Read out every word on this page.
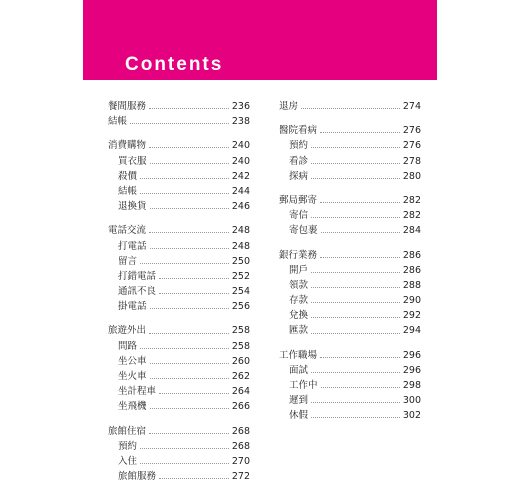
Contents
餐間服務	236
結帳	238
消費購物	240
買衣服	240
殺價	242
結帳	244
退換貨	246
電話交流	248
打電話	248
留言	250
打錯電話	252
通訊不良	254
掛電話	256
旅遊外出	258
問路	258
坐公車	260
坐火車	262
坐計程車	264
坐飛機	266
旅館住宿	268
預約	268
入住	270
旅館服務	272
退房	274
醫院看病	276
預約	276
看診	278
探病	280
郵局郵寄	282
寄信	282
寄包裹	284
銀行業務	286
開戶	286
領款	288
存款	290
兌換	292
匯款	294
工作職場	296
面試	296
工作中	298
遲到	300
休假	302
